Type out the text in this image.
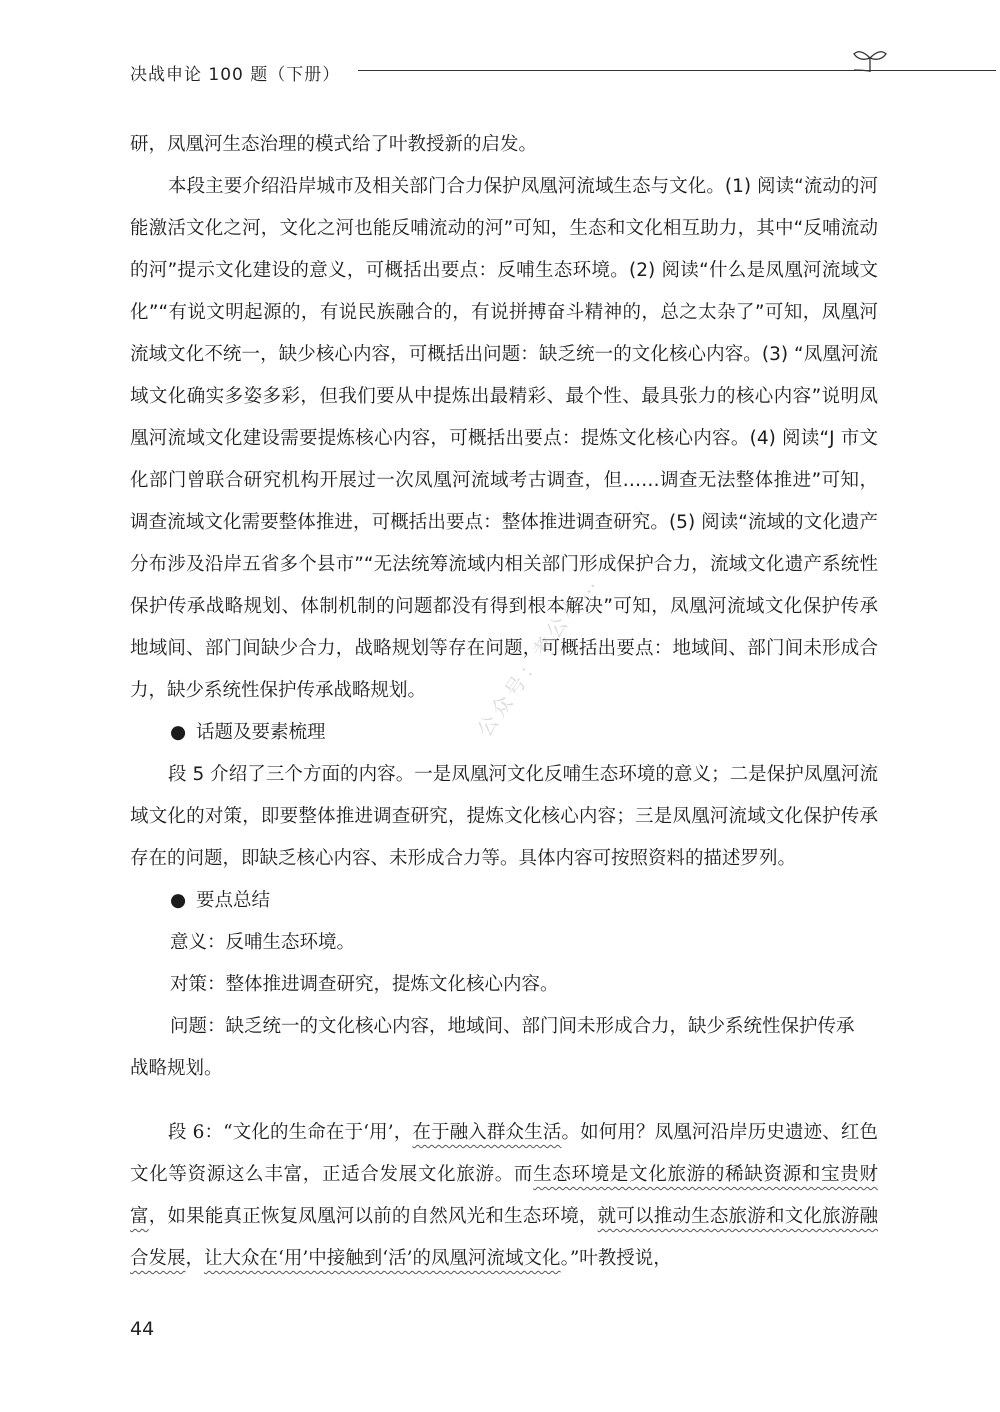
决战申论 100 题（下册）
公众号：考公小…

研，凤凰河生态治理的模式给了叶教授新的启发。

本段主要介绍沿岸城市及相关部门合力保护凤凰河流域生态与文化。(1) 阅读“流动的河能激活文化之河，文化之河也能反哺流动的河”可知，生态和文化相互助力，其中“反哺流动的河”提示文化建设的意义，可概括出要点：反哺生态环境。(2) 阅读“什么是凤凰河流域文化”“有说文明起源的，有说民族融合的，有说拼搏奋斗精神的，总之太杂了”可知，凤凰河流域文化不统一，缺少核心内容，可概括出问题：缺乏统一的文化核心内容。(3) “凤凰河流域文化确实多姿多彩，但我们要从中提炼出最精彩、最个性、最具张力的核心内容”说明凤凰河流域文化建设需要提炼核心内容，可概括出要点：提炼文化核心内容。(4) 阅读“J 市文化部门曾联合研究机构开展过一次凤凰河流域考古调查，但……调查无法整体推进”可知，调查流域文化需要整体推进，可概括出要点：整体推进调查研究。(5) 阅读“流域的文化遗产分布涉及沿岸五省多个县市”“无法统筹流域内相关部门形成保护合力，流域文化遗产系统性保护传承战略规划、体制机制的问题都没有得到根本解决”可知，凤凰河流域文化保护传承地域间、部门间缺少合力，战略规划等存在问题，可概括出要点：地域间、部门间未形成合力，缺少系统性保护传承战略规划。

● 话题及要素梳理

段 5 介绍了三个方面的内容。一是凤凰河文化反哺生态环境的意义；二是保护凤凰河流域文化的对策，即要整体推进调查研究，提炼文化核心内容；三是凤凰河流域文化保护传承存在的问题，即缺乏核心内容、未形成合力等。具体内容可按照资料的描述罗列。

● 要点总结

意义：反哺生态环境。

对策：整体推进调查研究，提炼文化核心内容。

问题：缺乏统一的文化核心内容，地域间、部门间未形成合力，缺少系统性保护传承

战略规划。

段 6：“文化的生命在于‘用’，在于融入群众生活。如何用？凤凰河沿岸历史遗迹、红色文化等资源这么丰富，正适合发展文化旅游。而生态环境是文化旅游的稀缺资源和宝贵财富，如果能真正恢复凤凰河以前的自然风光和生态环境，就可以推动生态旅游和文化旅游融合发展，让大众在‘用’中接触到‘活’的凤凰河流域文化。”叶教授说，

44
